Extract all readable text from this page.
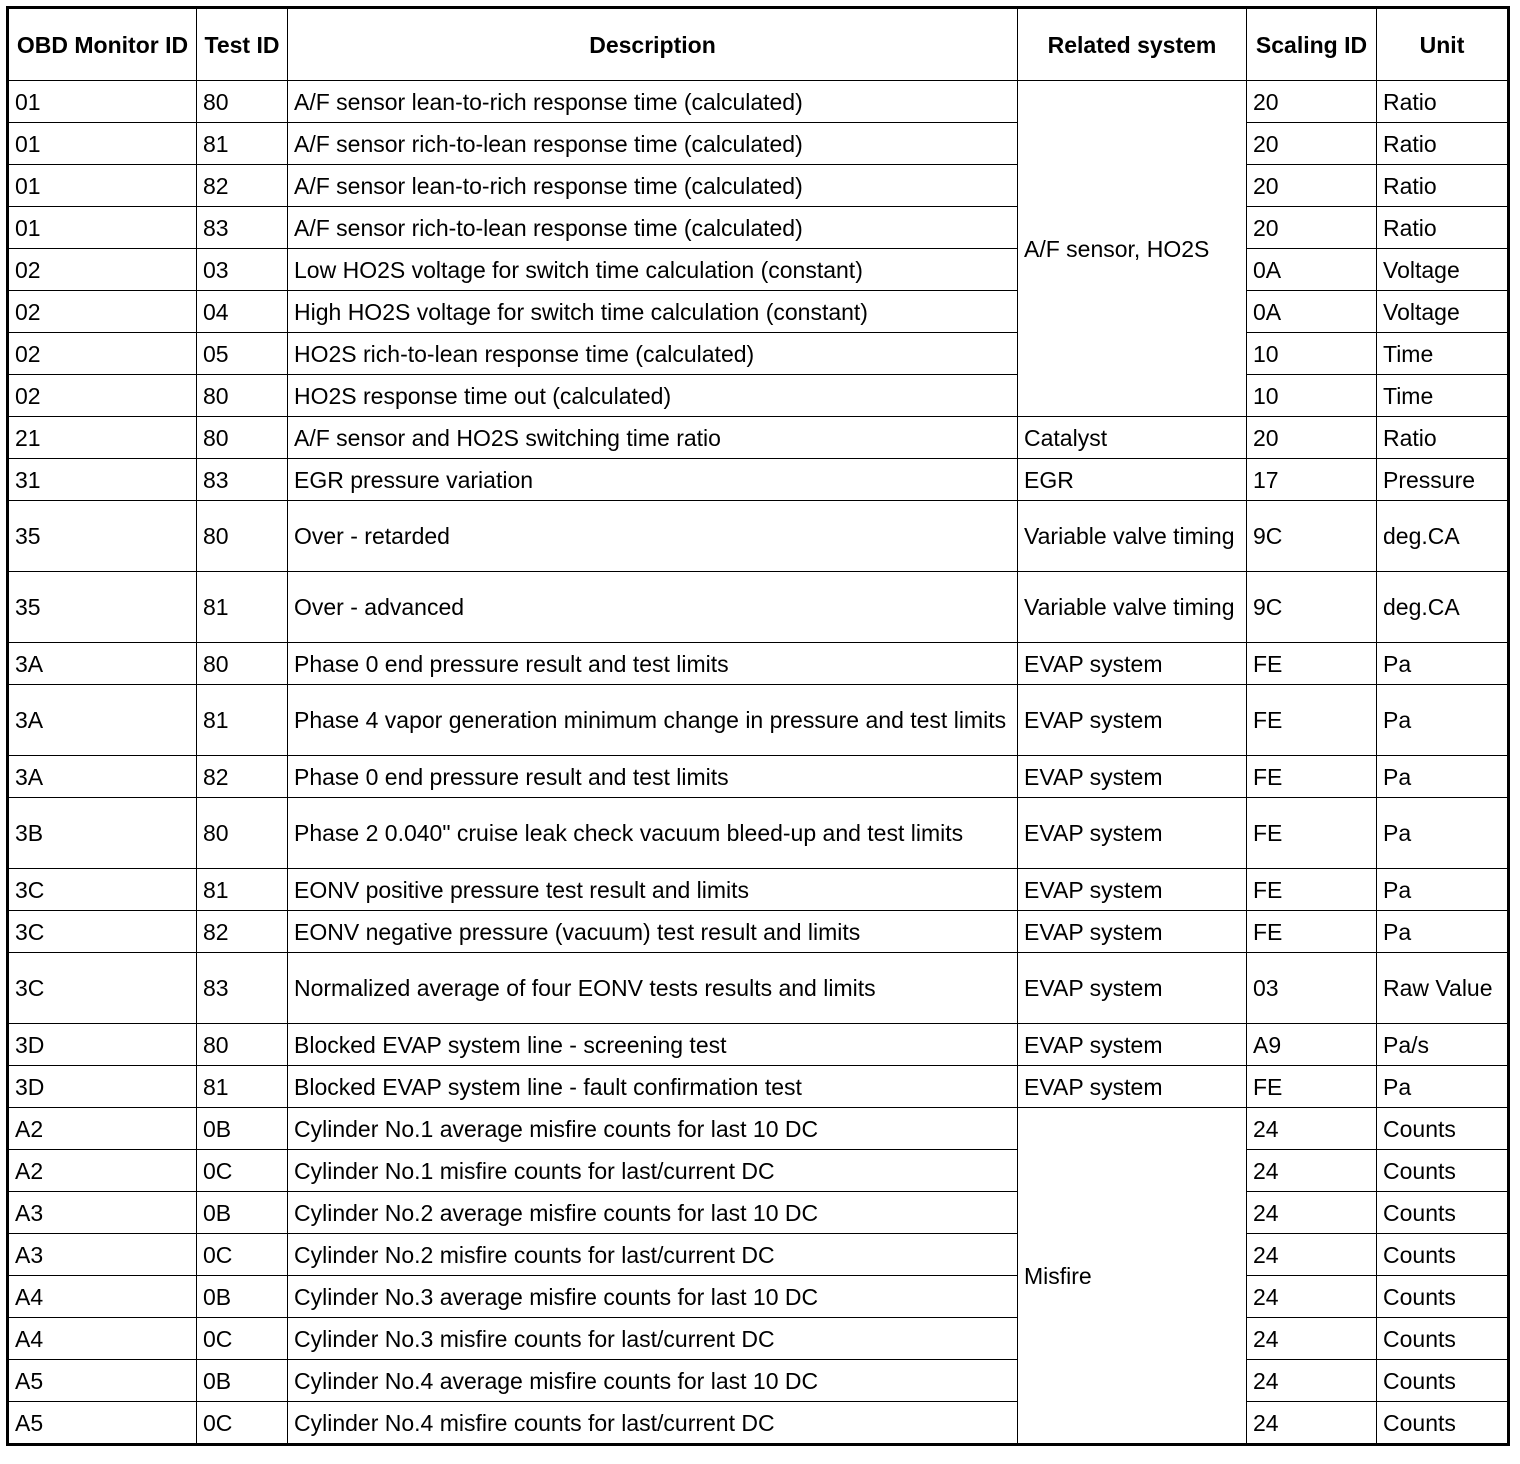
OBD Monitor ID	Test ID	Description	Related system	Scaling ID	Unit
01	80	A/F sensor lean-to-rich response time (calculated)	A/F sensor, HO2S	20	Ratio
01	81	A/F sensor rich-to-lean response time (calculated)		20	Ratio
01	82	A/F sensor lean-to-rich response time (calculated)		20	Ratio
01	83	A/F sensor rich-to-lean response time (calculated)		20	Ratio
02	03	Low HO2S voltage for switch time calculation (constant)		0A	Voltage
02	04	High HO2S voltage for switch time calculation (constant)		0A	Voltage
02	05	HO2S rich-to-lean response time (calculated)		10	Time
02	80	HO2S response time out (calculated)		10	Time
21	80	A/F sensor and HO2S switching time ratio	Catalyst	20	Ratio
31	83	EGR pressure variation	EGR	17	Pressure
35	80	Over - retarded	Variable valve timing	9C	deg.CA
35	81	Over - advanced	Variable valve timing	9C	deg.CA
3A	80	Phase 0 end pressure result and test limits	EVAP system	FE	Pa
3A	81	Phase 4 vapor generation minimum change in pressure and test limits	EVAP system	FE	Pa
3A	82	Phase 0 end pressure result and test limits	EVAP system	FE	Pa
3B	80	Phase 2 0.040" cruise leak check vacuum bleed-up and test limits	EVAP system	FE	Pa
3C	81	EONV positive pressure test result and limits	EVAP system	FE	Pa
3C	82	EONV negative pressure (vacuum) test result and limits	EVAP system	FE	Pa
3C	83	Normalized average of four EONV tests results and limits	EVAP system	03	Raw Value
3D	80	Blocked EVAP system line - screening test	EVAP system	A9	Pa/s
3D	81	Blocked EVAP system line - fault confirmation test	EVAP system	FE	Pa
A2	0B	Cylinder No.1 average misfire counts for last 10 DC	Misfire	24	Counts
A2	0C	Cylinder No.1 misfire counts for last/current DC		24	Counts
A3	0B	Cylinder No.2 average misfire counts for last 10 DC		24	Counts
A3	0C	Cylinder No.2 misfire counts for last/current DC		24	Counts
A4	0B	Cylinder No.3 average misfire counts for last 10 DC		24	Counts
A4	0C	Cylinder No.3 misfire counts for last/current DC		24	Counts
A5	0B	Cylinder No.4 average misfire counts for last 10 DC		24	Counts
A5	0C	Cylinder No.4 misfire counts for last/current DC		24	Counts
